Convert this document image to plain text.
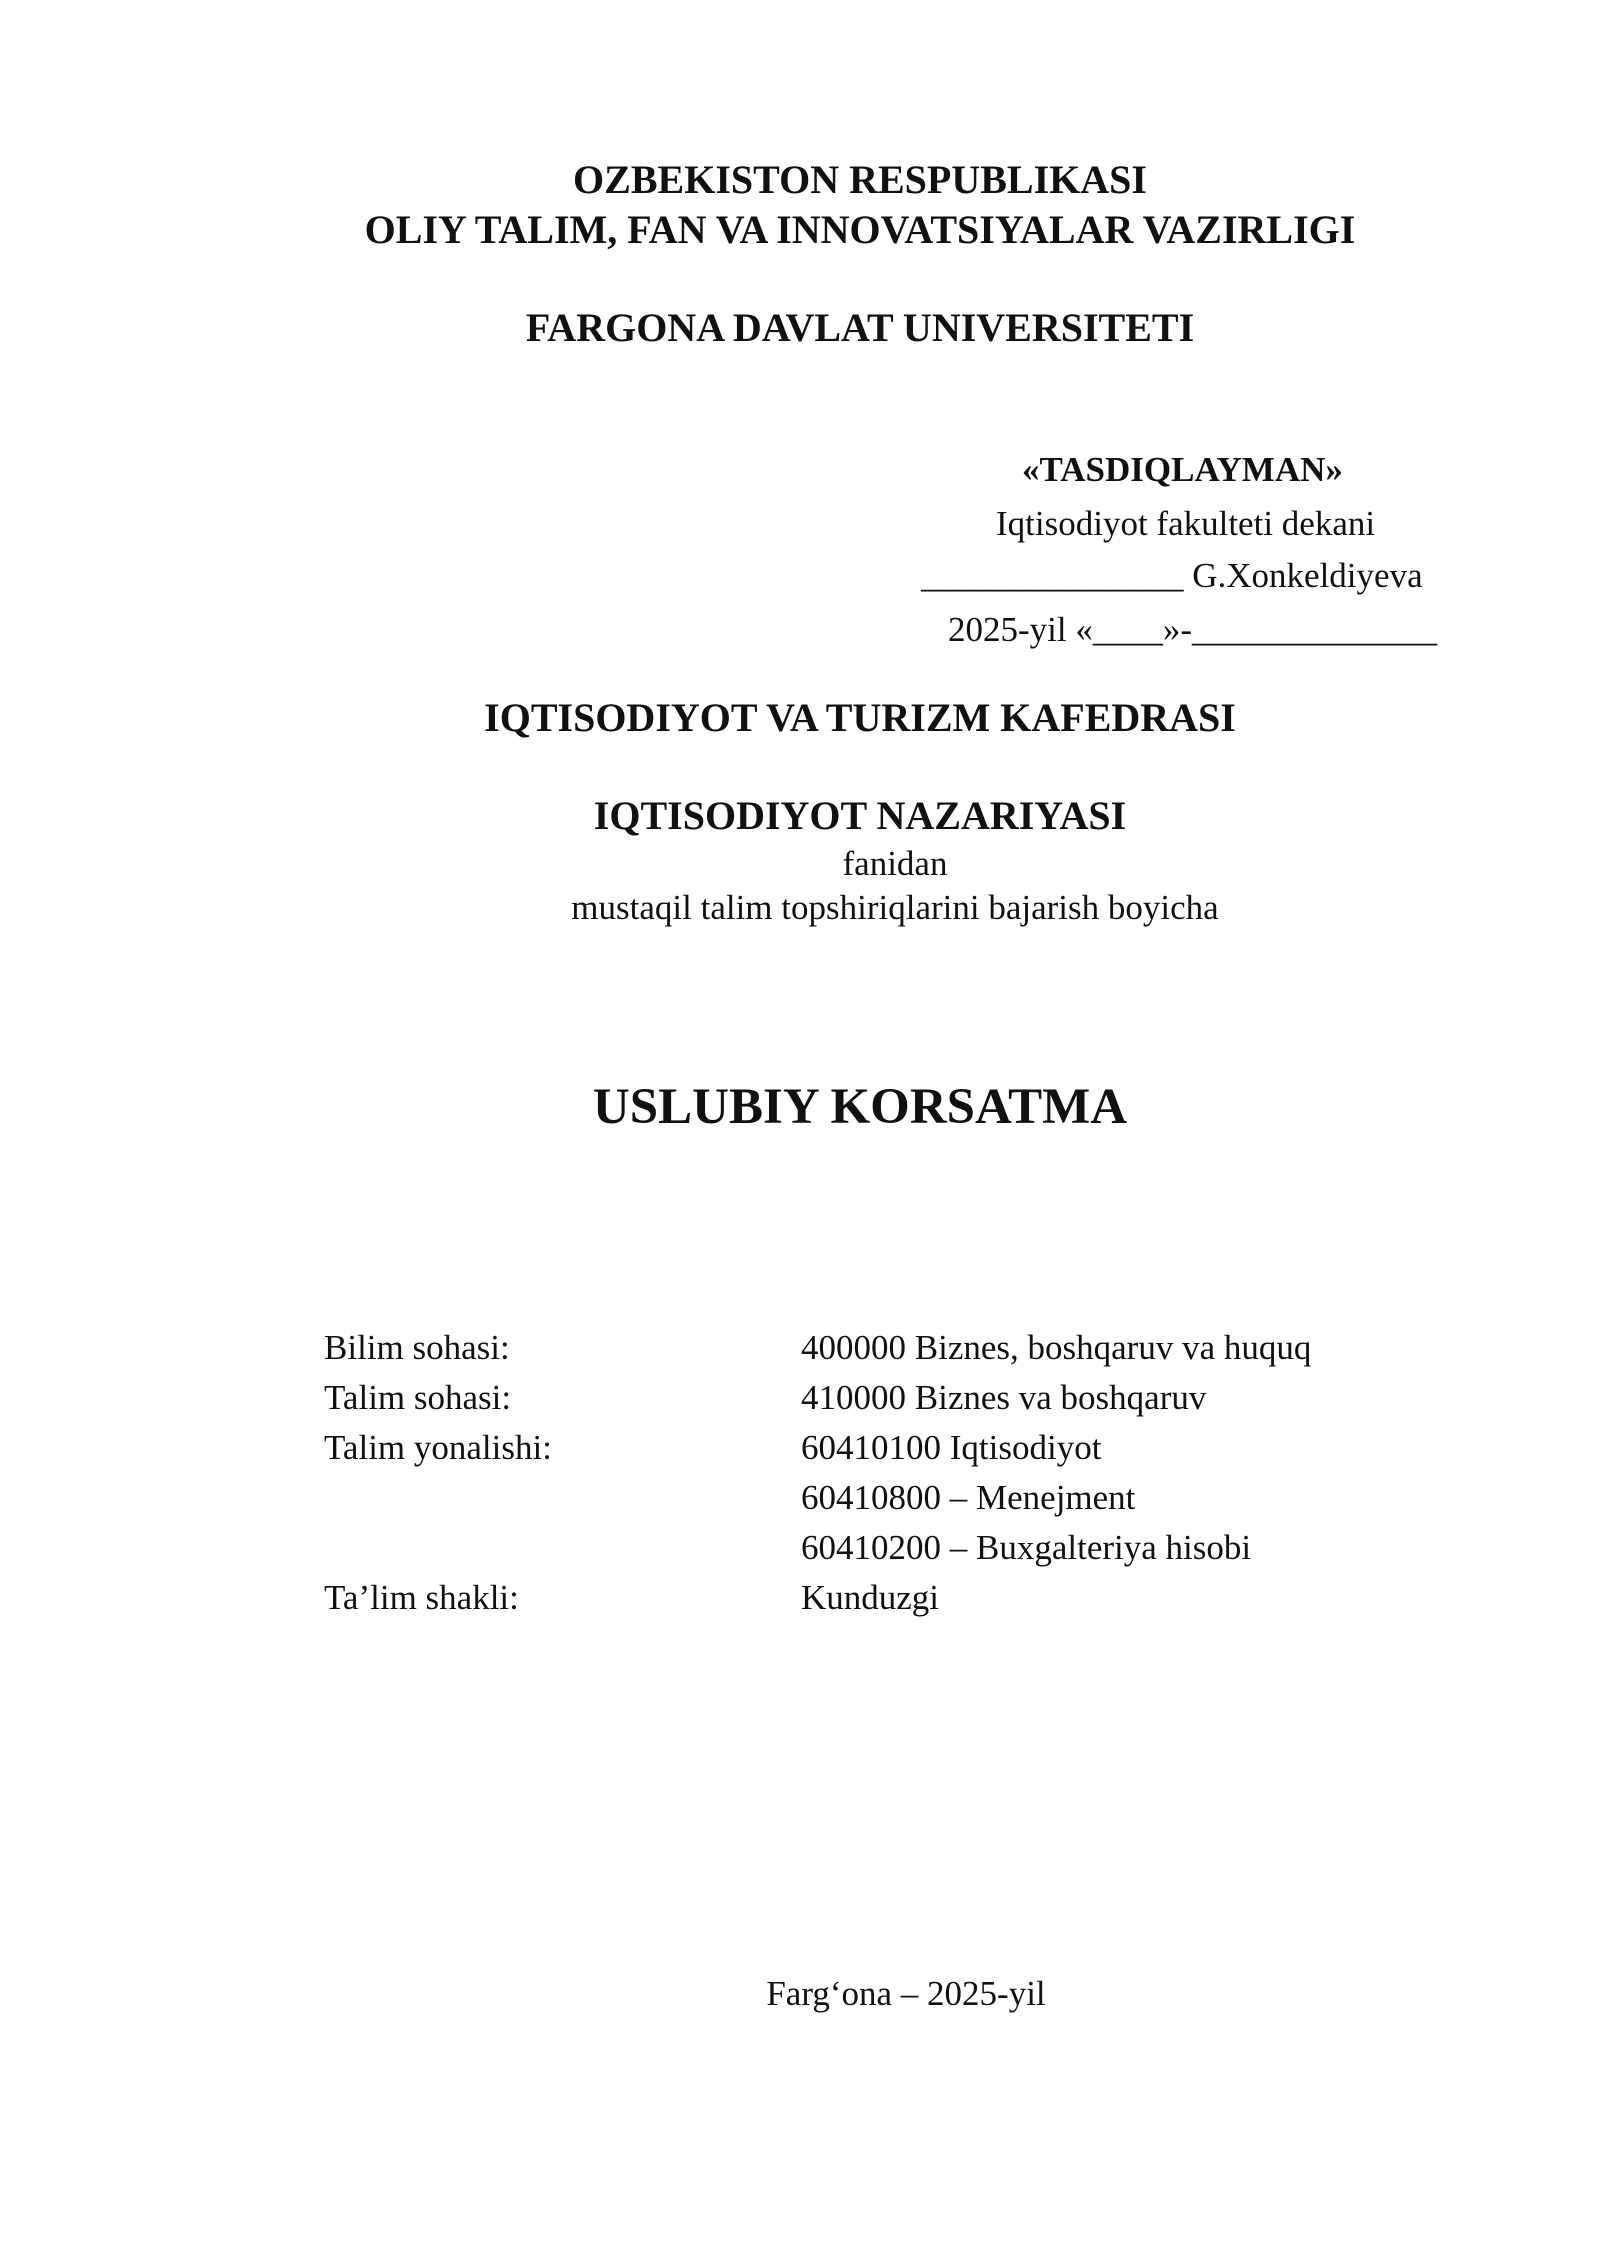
OZBEKISTON RESPUBLIKASI
OLIY TALIM, FAN VA INNOVATSIYALAR VAZIRLIGI
FARGONA DAVLAT UNIVERSITETI
«TASDIQLAYMAN»
Iqtisodiyot fakulteti dekani
_______________ G.Xonkeldiyeva
2025-yil «____»-______________
IQTISODIYOT VA TURIZM KAFEDRASI
IQTISODIYOT NAZARIYASI
fanidan
mustaqil talim topshiriqlarini bajarish boyicha
USLUBIY KORSATMA
Bilim sohasi:	400000 Biznes, boshqaruv va huquq
Talim sohasi:	410000 Biznes va boshqaruv
Talim yonalishi:	60410100 Iqtisodiyot
60410800 – Menejment
60410200 – Buxgalteriya hisobi
Ta’lim shakli:	Kunduzgi
Farg‘ona – 2025-yil
